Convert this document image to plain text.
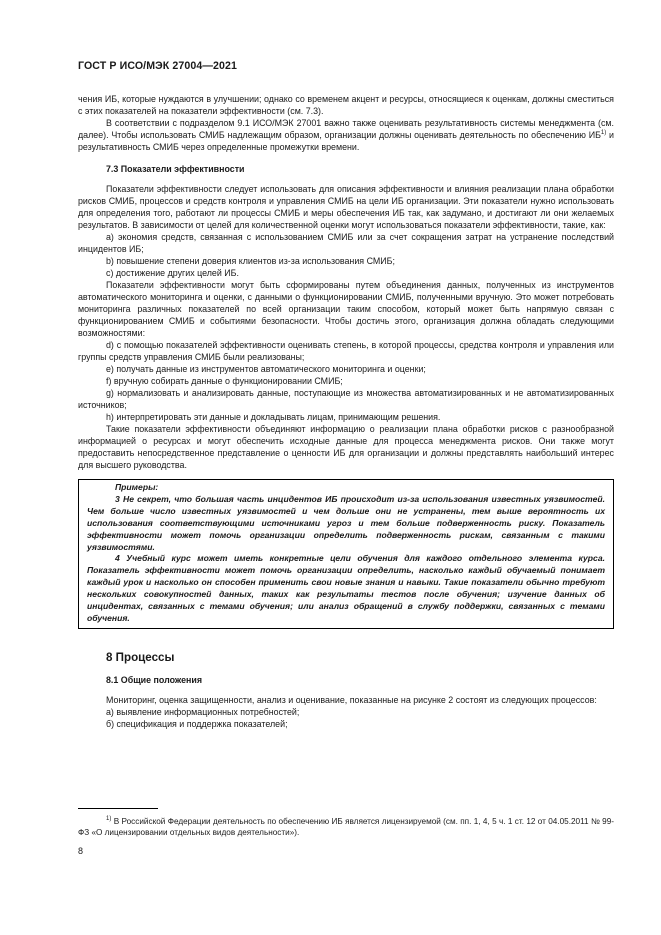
ГОСТ Р ИСО/МЭК 27004—2021

чения ИБ, которые нуждаются в улучшении; однако со временем акцент и ресурсы, относящиеся к оценкам, должны сместиться с этих показателей на показатели эффективности (см. 7.3).

В соответствии с подразделом 9.1 ИСО/МЭК 27001 важно также оценивать результативность системы менеджмента (см. далее). Чтобы использовать СМИБ надлежащим образом, организации должны оценивать деятельность по обеспечению ИБ$^{1)}$ и результативность СМИБ через определенные промежутки времени.

7.3 Показатели эффективности

Показатели эффективности следует использовать для описания эффективности и влияния реализации плана обработки рисков СМИБ, процессов и средств контроля и управления СМИБ на цели ИБ организации. Эти показатели нужно использовать для определения того, работают ли процессы СМИБ и меры обеспечения ИБ так, как задумано, и достигают ли они желаемых результатов. В зависимости от целей для количественной оценки могут использоваться показатели эффективности, такие, как:

a) экономия средств, связанная с использованием СМИБ или за счет сокращения затрат на устранение последствий инцидентов ИБ;

b) повышение степени доверия клиентов из-за использования СМИБ;

c) достижение других целей ИБ.

Показатели эффективности могут быть сформированы путем объединения данных, полученных из инструментов автоматического мониторинга и оценки, с данными о функционировании СМИБ, полученными вручную. Это может потребовать мониторинга различных показателей по всей организации таким способом, который может быть напрямую связан с функционированием СМИБ и событиями безопасности. Чтобы достичь этого, организация должна обладать следующими возможностями:

d) с помощью показателей эффективности оценивать степень, в которой процессы, средства контроля и управления или группы средств управления СМИБ были реализованы;

e) получать данные из инструментов автоматического мониторинга и оценки;

f) вручную собирать данные о функционировании СМИБ;

g) нормализовать и анализировать данные, поступающие из множества автоматизированных и не автоматизированных источников;

h) интерпретировать эти данные и докладывать лицам, принимающим решения.

Такие показатели эффективности объединяют информацию о реализации плана обработки рисков с разнообразной информацией о ресурсах и могут обеспечить исходные данные для процесса менеджмента рисков. Они также могут предоставить непосредственное представление о ценности ИБ для организации и должны представлять наибольший интерес для высшего руководства.

Примеры:

3 Не секрет, что большая часть инцидентов ИБ происходит из-за использования известных уязвимостей. Чем больше число известных уязвимостей и чем дольше они не устранены, тем выше вероятность их использования соответствующими источниками угроз и тем больше подверженность риску. Показатель эффективности может помочь организации определить подверженность рискам, связанным с такими уязвимостями.

4 Учебный курс может иметь конкретные цели обучения для каждого отдельного элемента курса. Показатель эффективности может помочь организации определить, насколько каждый обучаемый понимает каждый урок и насколько он способен применить свои новые знания и навыки. Такие показатели обычно требуют нескольких совокупностей данных, таких как результаты тестов после обучения; изучение данных об инцидентах, связанных с темами обучения; или анализ обращений в службу поддержки, связанных с темами обучения.

8 Процессы
8.1 Общие положения

Мониторинг, оценка защищенности, анализ и оценивание, показанные на рисунке 2 состоят из следующих процессов:

а) выявление информационных потребностей;

б) спецификация и поддержка показателей;

$^{1)}$ В Российской Федерации деятельность по обеспечению ИБ является лицензируемой (см. пп. 1, 4, 5 ч. 1 ст. 12 от 04.05.2011 № 99-ФЗ «О лицензировании отдельных видов деятельности»).
8
